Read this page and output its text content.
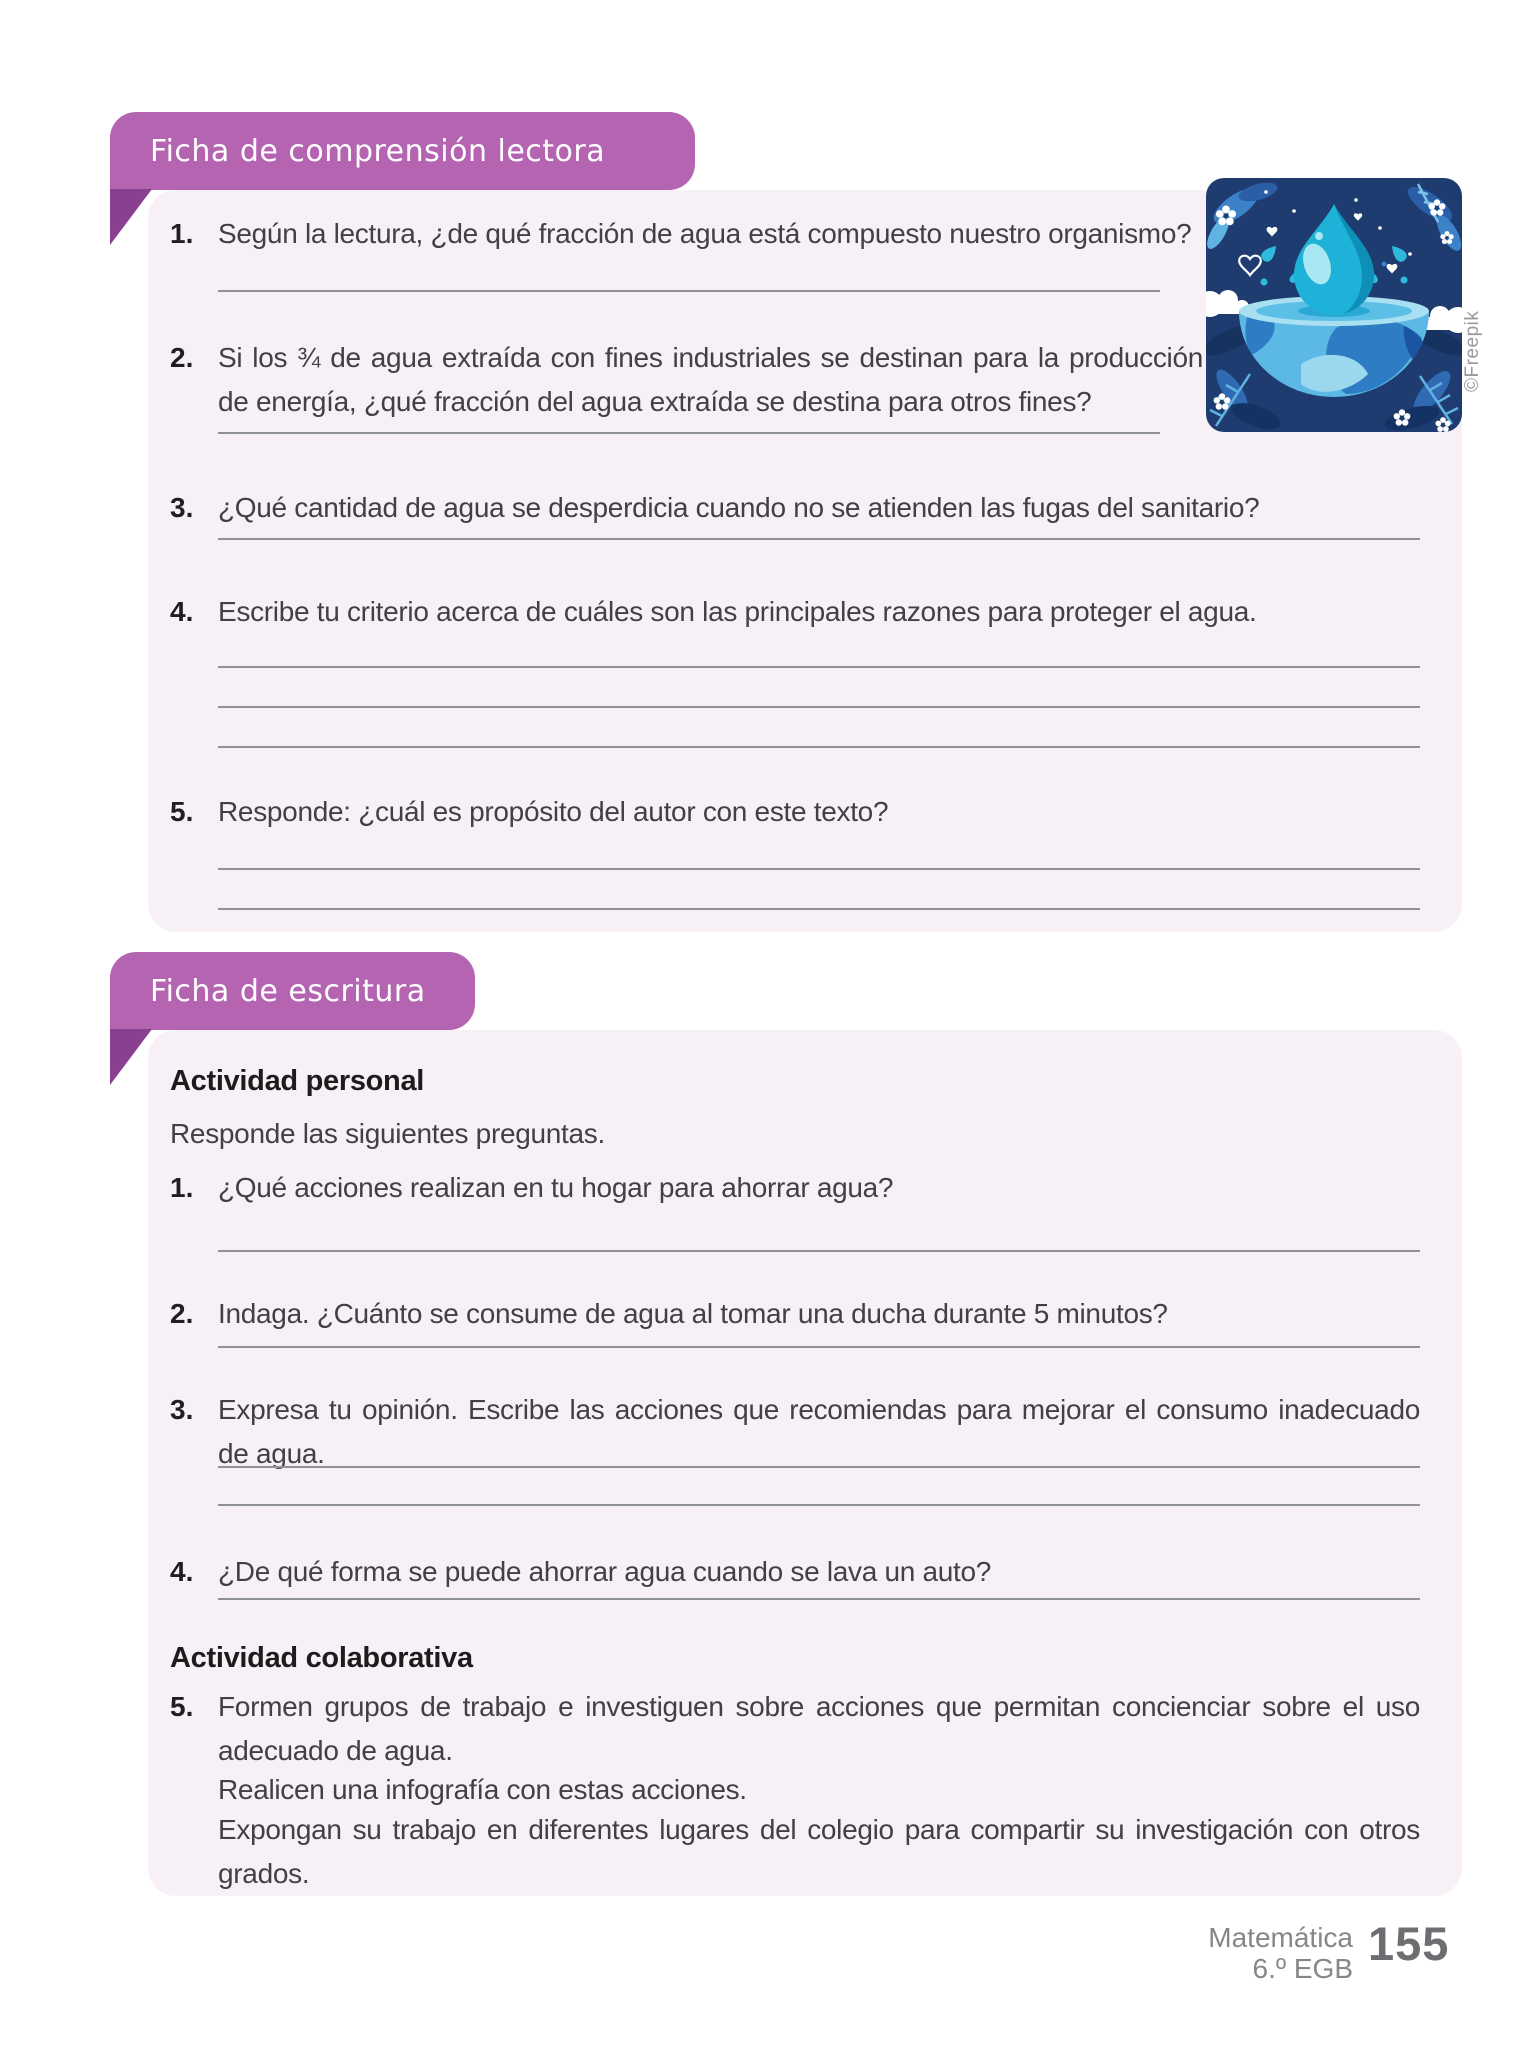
Ficha de comprensión lectora
1. Según la lectura, ¿de qué fracción de agua está compuesto nuestro organismo?
2. Si los ¾ de agua extraída con fines industriales se destinan para la producción de energía, ¿qué fracción del agua extraída se destina para otros fines?
3. ¿Qué cantidad de agua se desperdicia cuando no se atienden las fugas del sanitario?
4. Escribe tu criterio acerca de cuáles son las principales razones para proteger el agua.
5. Responde: ¿cuál es propósito del autor con este texto?
©Freepik
Ficha de escritura
Actividad personal
Responde las siguientes preguntas.
1. ¿Qué acciones realizan en tu hogar para ahorrar agua?
2. Indaga. ¿Cuánto se consume de agua al tomar una ducha durante 5 minutos?
3. Expresa tu opinión. Escribe las acciones que recomiendas para mejorar el consumo inadecuado de agua.
4. ¿De qué forma se puede ahorrar agua cuando se lava un auto?
Actividad colaborativa
5. Formen grupos de trabajo e investiguen sobre acciones que permitan concienciar sobre el uso adecuado de agua.
Realicen una infografía con estas acciones.
Expongan su trabajo en diferentes lugares del colegio para compartir su investigación con otros grados.
Matemática
6.º EGB 155
